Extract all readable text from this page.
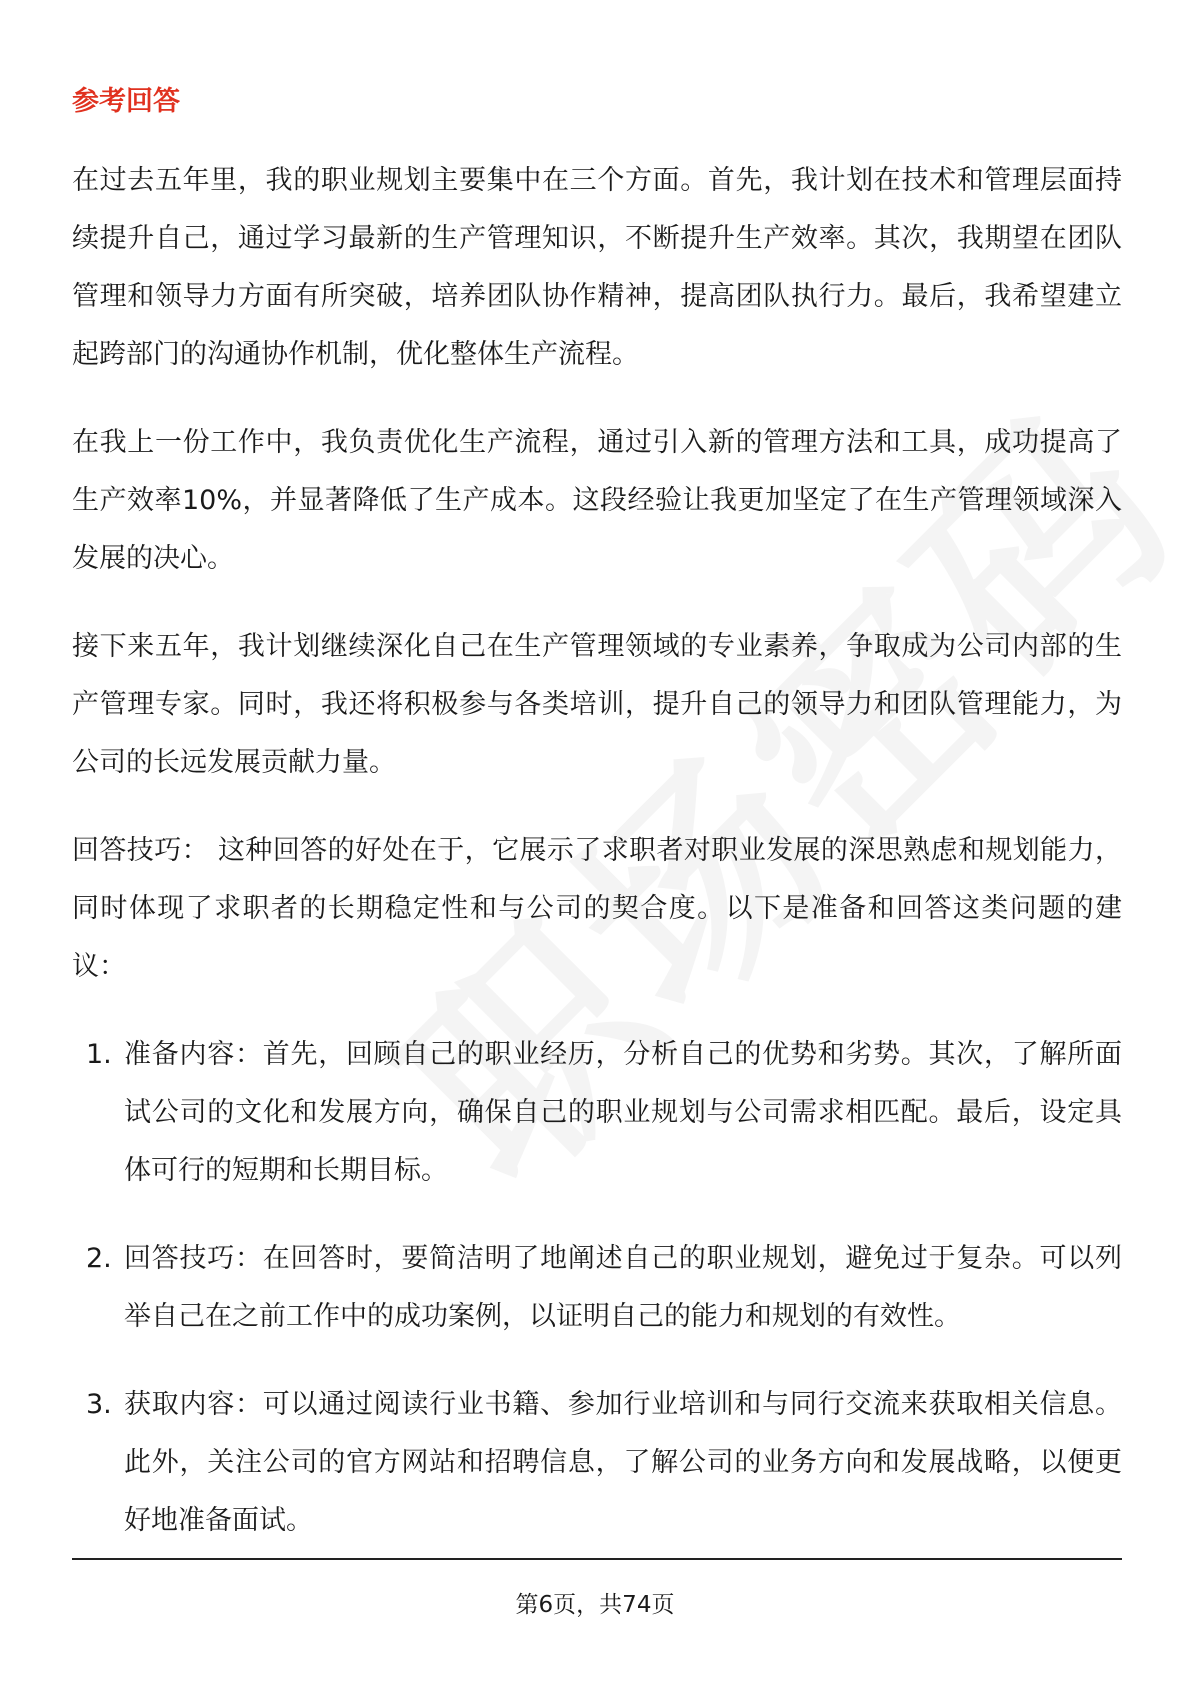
参考回答

在过去五年里，我的职业规划主要集中在三个方面。首先，我计划在技术和管理层面持续提升自己，通过学习最新的生产管理知识，不断提升生产效率。其次，我期望在团队管理和领导力方面有所突破，培养团队协作精神，提高团队执行力。最后，我希望建立起跨部门的沟通协作机制，优化整体生产流程。

在我上一份工作中，我负责优化生产流程，通过引入新的管理方法和工具，成功提高了生产效率10%，并显著降低了生产成本。这段经验让我更加坚定了在生产管理领域深入发展的决心。

接下来五年，我计划继续深化自己在生产管理领域的专业素养，争取成为公司内部的生产管理专家。同时，我还将积极参与各类培训，提升自己的领导力和团队管理能力，为公司的长远发展贡献力量。

回答技巧： 这种回答的好处在于，它展示了求职者对职业发展的深思熟虑和规划能力，同时体现了求职者的长期稳定性和与公司的契合度。以下是准备和回答这类问题的建议：

1. 准备内容：首先，回顾自己的职业经历，分析自己的优势和劣势。其次，了解所面试公司的文化和发展方向，确保自己的职业规划与公司需求相匹配。最后，设定具体可行的短期和长期目标。
2. 回答技巧：在回答时，要简洁明了地阐述自己的职业规划，避免过于复杂。可以列举自己在之前工作中的成功案例，以证明自己的能力和规划的有效性。
3. 获取内容：可以通过阅读行业书籍、参加行业培训和与同行交流来获取相关信息。此外，关注公司的官方网站和招聘信息，了解公司的业务方向和发展战略，以便更好地准备面试。
第6页，共74页
